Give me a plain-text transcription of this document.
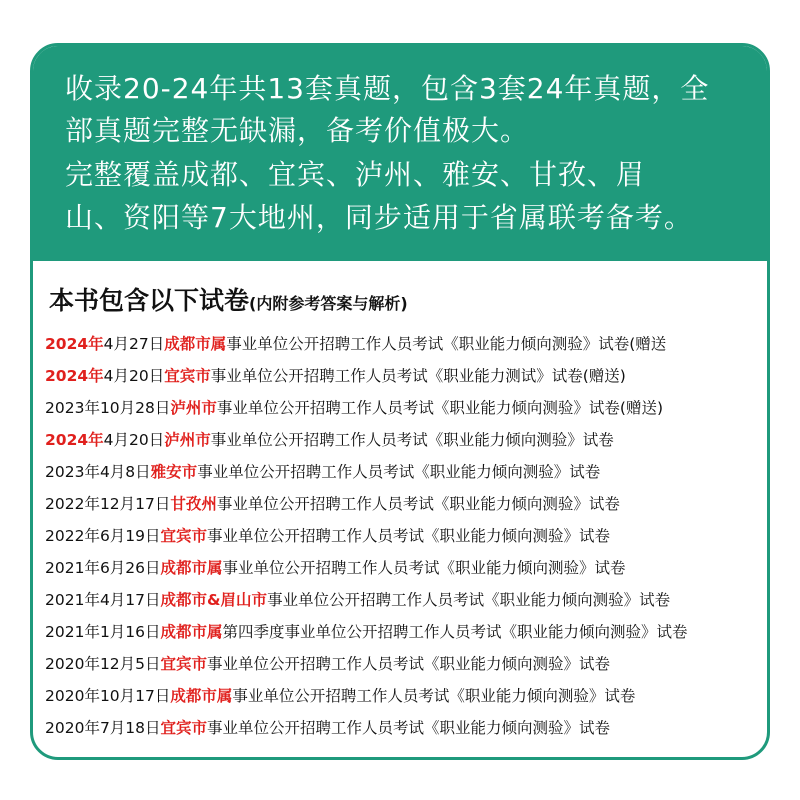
收录20-24年共13套真题，包含3套24年真题，全
部真题完整无缺漏，备考价值极大。
完整覆盖成都、宜宾、泸州、雅安、甘孜、眉
山、资阳等7大地州，同步适用于省属联考备考。
本书包含以下试卷(内附参考答案与解析)
2024年4月27日成都市属事业单位公开招聘工作人员考试《职业能力倾向测验》试卷(赠送
2024年4月20日宜宾市事业单位公开招聘工作人员考试《职业能力测试》试卷(赠送)
2023年10月28日泸州市事业单位公开招聘工作人员考试《职业能力倾向测验》试卷(赠送)
2024年4月20日泸州市事业单位公开招聘工作人员考试《职业能力倾向测验》试卷
2023年4月8日雅安市事业单位公开招聘工作人员考试《职业能力倾向测验》试卷
2022年12月17日甘孜州事业单位公开招聘工作人员考试《职业能力倾向测验》试卷
2022年6月19日宜宾市事业单位公开招聘工作人员考试《职业能力倾向测验》试卷
2021年6月26日成都市属事业单位公开招聘工作人员考试《职业能力倾向测验》试卷
2021年4月17日成都市&眉山市事业单位公开招聘工作人员考试《职业能力倾向测验》试卷
2021年1月16日成都市属第四季度事业单位公开招聘工作人员考试《职业能力倾向测验》试卷
2020年12月5日宜宾市事业单位公开招聘工作人员考试《职业能力倾向测验》试卷
2020年10月17日成都市属事业单位公开招聘工作人员考试《职业能力倾向测验》试卷
2020年7月18日宜宾市事业单位公开招聘工作人员考试《职业能力倾向测验》试卷
